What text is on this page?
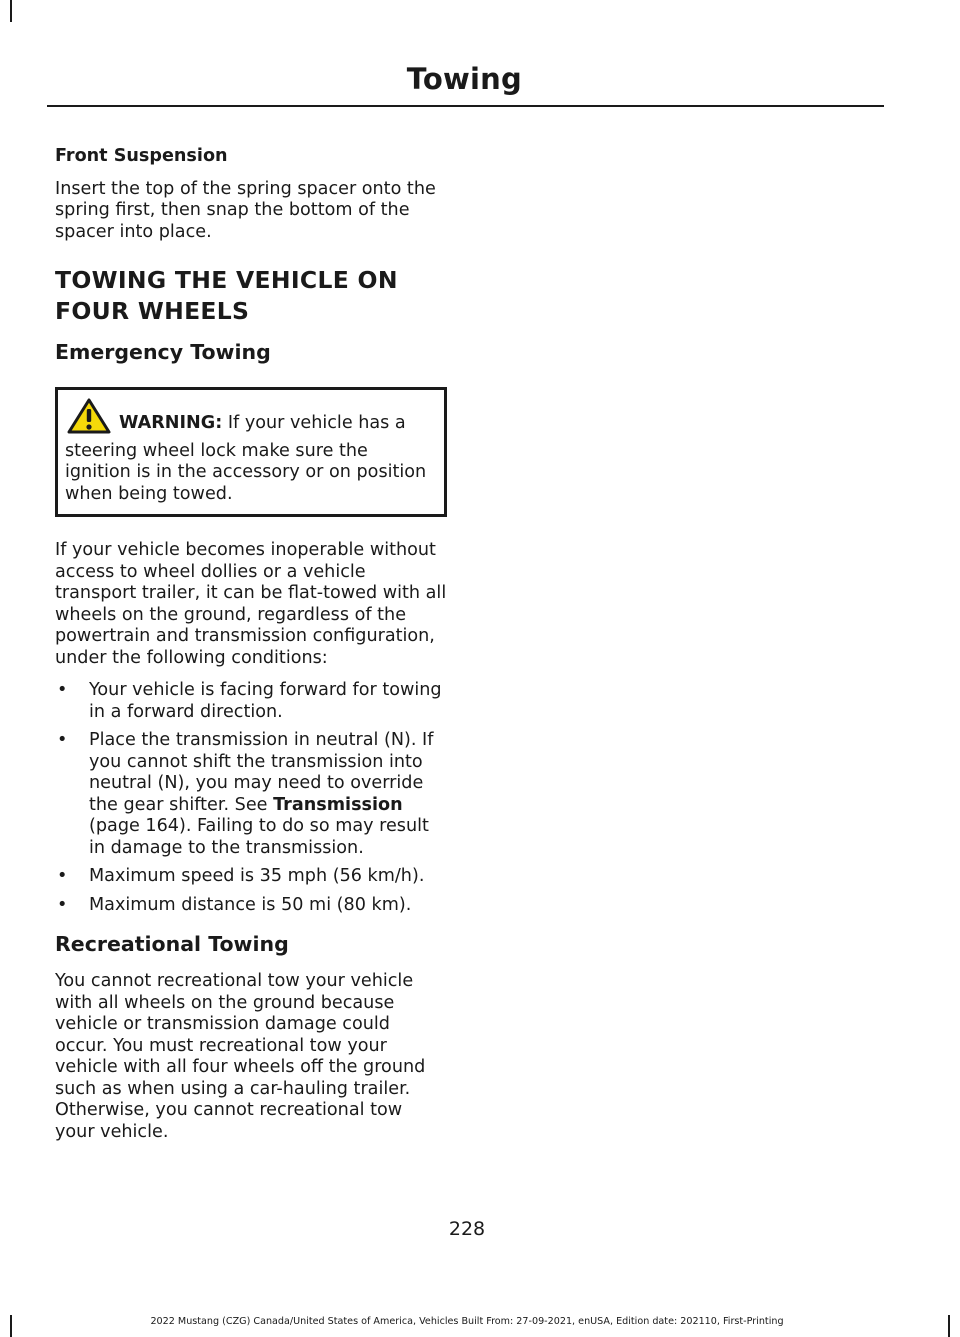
Towing
Front Suspension
Insert the top of the spring spacer onto the spring first, then snap the bottom of the spacer into place.
TOWING THE VEHICLE ON
FOUR WHEELS
Emergency Towing
WARNING: If your vehicle has a steering wheel lock make sure the ignition is in the accessory or on position when being towed.
If your vehicle becomes inoperable without access to wheel dollies or a vehicle transport trailer, it can be flat-towed with all wheels on the ground, regardless of the powertrain and transmission configuration, under the following conditions:
• Your vehicle is facing forward for towing in a forward direction.
• Place the transmission in neutral (N). If you cannot shift the transmission into neutral (N), you may need to override the gear shifter. See Transmission (page 164). Failing to do so may result in damage to the transmission.
• Maximum speed is 35 mph (56 km/h).
• Maximum distance is 50 mi (80 km).
Recreational Towing
You cannot recreational tow your vehicle with all wheels on the ground because vehicle or transmission damage could occur. You must recreational tow your vehicle with all four wheels off the ground such as when using a car-hauling trailer. Otherwise, you cannot recreational tow your vehicle.
228
2022 Mustang (CZG) Canada/United States of America, Vehicles Built From: 27-09-2021, enUSA, Edition date: 202110, First-Printing
